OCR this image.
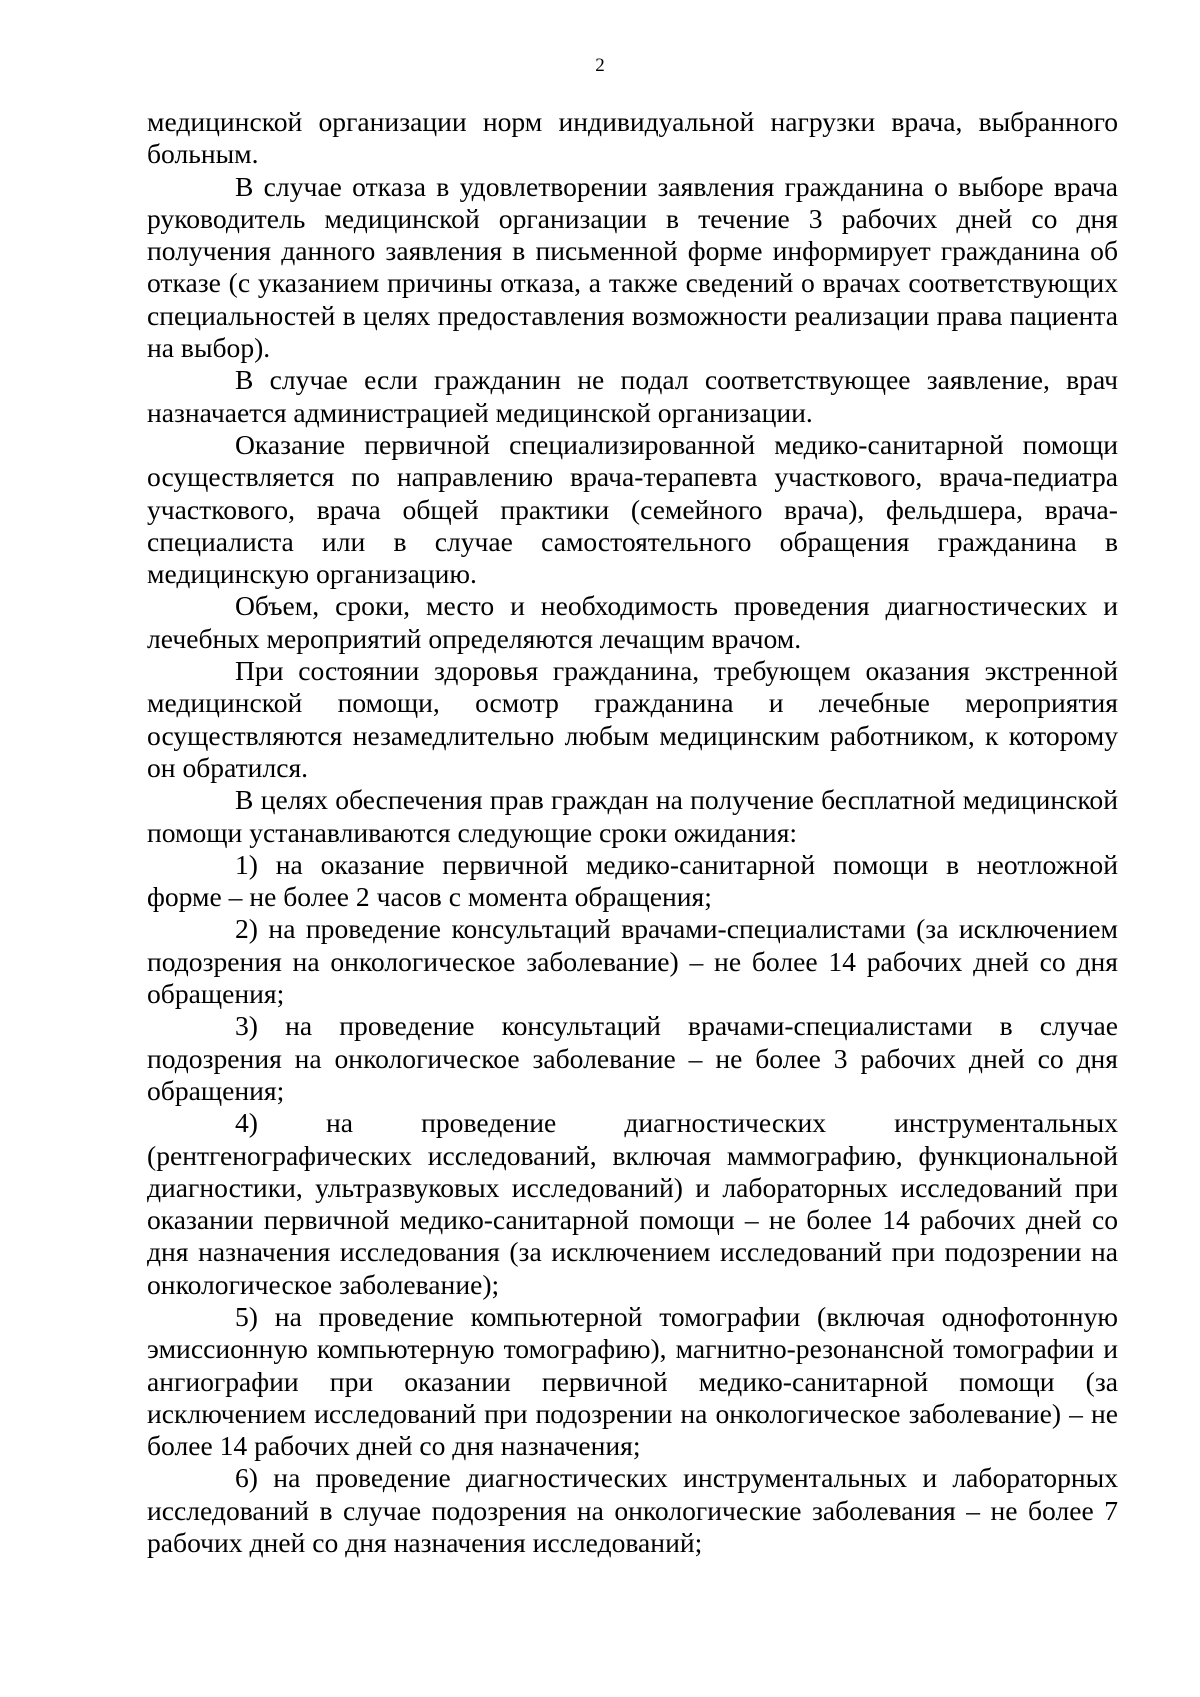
2

медицинской организации норм индивидуальной нагрузки врача, выбранного больным.

В случае отказа в удовлетворении заявления гражданина о выборе врача руководитель медицинской организации в течение 3 рабочих дней со дня получения данного заявления в письменной форме информирует гражданина об отказе (с указанием причины отказа, а также сведений о врачах соответствующих специальностей в целях предоставления возможности реализации права пациента на выбор).

В случае если гражданин не подал соответствующее заявление, врач назначается администрацией медицинской организации.

Оказание первичной специализированной медико-санитарной помощи осуществляется по направлению врача-терапевта участкового, врача-педиатра участкового, врача общей практики (семейного врача), фельдшера, врача-специалиста или в случае самостоятельного обращения гражданина в медицинскую организацию.

Объем, сроки, место и необходимость проведения диагностических и лечебных мероприятий определяются лечащим врачом.

При состоянии здоровья гражданина, требующем оказания экстренной медицинской помощи, осмотр гражданина и лечебные мероприятия осуществляются незамедлительно любым медицинским работником, к которому он обратился.

В целях обеспечения прав граждан на получение бесплатной медицинской помощи устанавливаются следующие сроки ожидания:

1) на оказание первичной медико-санитарной помощи в неотложной форме – не более 2 часов с момента обращения;

2) на проведение консультаций врачами-специалистами (за исключением подозрения на онкологическое заболевание) – не более 14 рабочих дней со дня обращения;

3) на проведение консультаций врачами-специалистами в случае подозрения на онкологическое заболевание – не более 3 рабочих дней со дня обращения;

4) на проведение диагностических инструментальных (рентгенографических исследований, включая маммографию, функциональной диагностики, ультразвуковых исследований) и лабораторных исследований при оказании первичной медико-санитарной помощи – не более 14 рабочих дней со дня назначения исследования (за исключением исследований при подозрении на онкологическое заболевание);

5) на проведение компьютерной томографии (включая однофотонную эмиссионную компьютерную томографию), магнитно-резонансной томографии и ангиографии при оказании первичной медико-санитарной помощи (за исключением исследований при подозрении на онкологическое заболевание) – не более 14 рабочих дней со дня назначения;

6) на проведение диагностических инструментальных и лабораторных исследований в случае подозрения на онкологические заболевания – не более 7 рабочих дней со дня назначения исследований;
